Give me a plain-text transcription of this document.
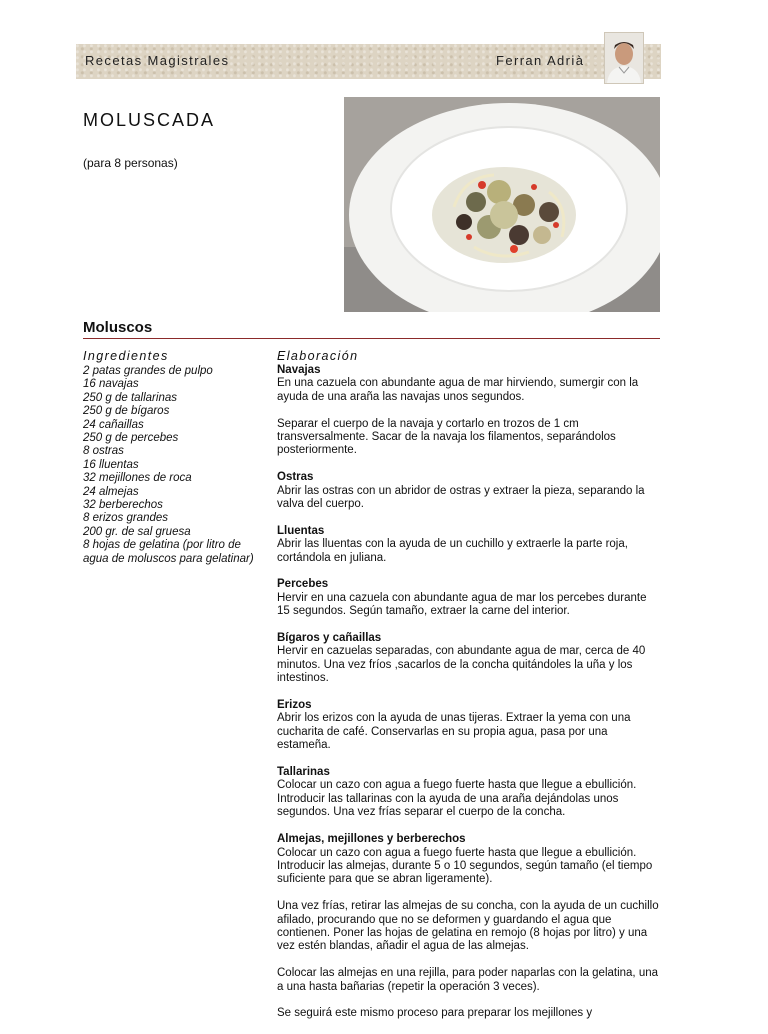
Recetas Magistrales	Ferran Adrià
MOLUSCADA
(para 8 personas)
Moluscos
Ingredientes	Elaboración
2 patas grandes de pulpo
16 navajas
250 g de tallarinas
250 g de bígaros
24 cañaillas
250 g de percebes
8 ostras
16 lluentas
32 mejillones de roca
24 almejas
32 berberechos
8 erizos grandes
200 gr. de sal gruesa
8 hojas de gelatina (por litro de agua de moluscos para gelatinar)
Navajas

En una cazuela con abundante agua de mar hirviendo, sumergir con la ayuda de una araña las navajas unos segundos.

Separar el cuerpo de la navaja y cortarlo en trozos de 1 cm transversalmente. Sacar de la navaja los filamentos, separándolos posteriormente.

Ostras

Abrir las ostras con un abridor de ostras y extraer la pieza, separando la valva del cuerpo.

Lluentas

Abrir las lluentas con la ayuda de un cuchillo y extraerle la parte roja, cortándola en juliana.

Percebes

Hervir en una cazuela con abundante agua de mar los percebes durante 15 segundos. Según tamaño, extraer la carne del interior.

Bígaros y cañaillas

Hervir en cazuelas separadas, con abundante agua de mar, cerca de 40 minutos. Una vez fríos ,sacarlos de la concha quitándoles la uña y los intestinos.

Erizos

Abrir los erizos con la ayuda de unas tijeras. Extraer la yema con una cucharita de café. Conservarlas en su propia agua, pasa por una estameña.

Tallarinas

Colocar un cazo con agua a fuego fuerte hasta que llegue a ebullición. Introducir las tallarinas con la ayuda de una araña dejándolas unos segundos. Una vez frías separar el cuerpo de la concha.

Almejas, mejillones y berberechos

Colocar un cazo con agua a fuego fuerte hasta que llegue a ebullición. Introducir las almejas, durante 5 o 10 segundos, según tamaño (el tiempo suficiente para que se abran ligeramente).

Una vez frías, retirar las almejas de su concha, con la ayuda de un cuchillo afilado, procurando que no se deformen y guardando el agua que contienen. Poner las hojas de gelatina en remojo (8 hojas por litro) y una vez estén blandas, añadir el agua de las almejas.

Colocar las almejas en una rejilla, para poder naparlas con la gelatina, una a una hasta bañarias (repetir la operación 3 veces).

Se seguirá este mismo proceso para preparar los mejillones y
